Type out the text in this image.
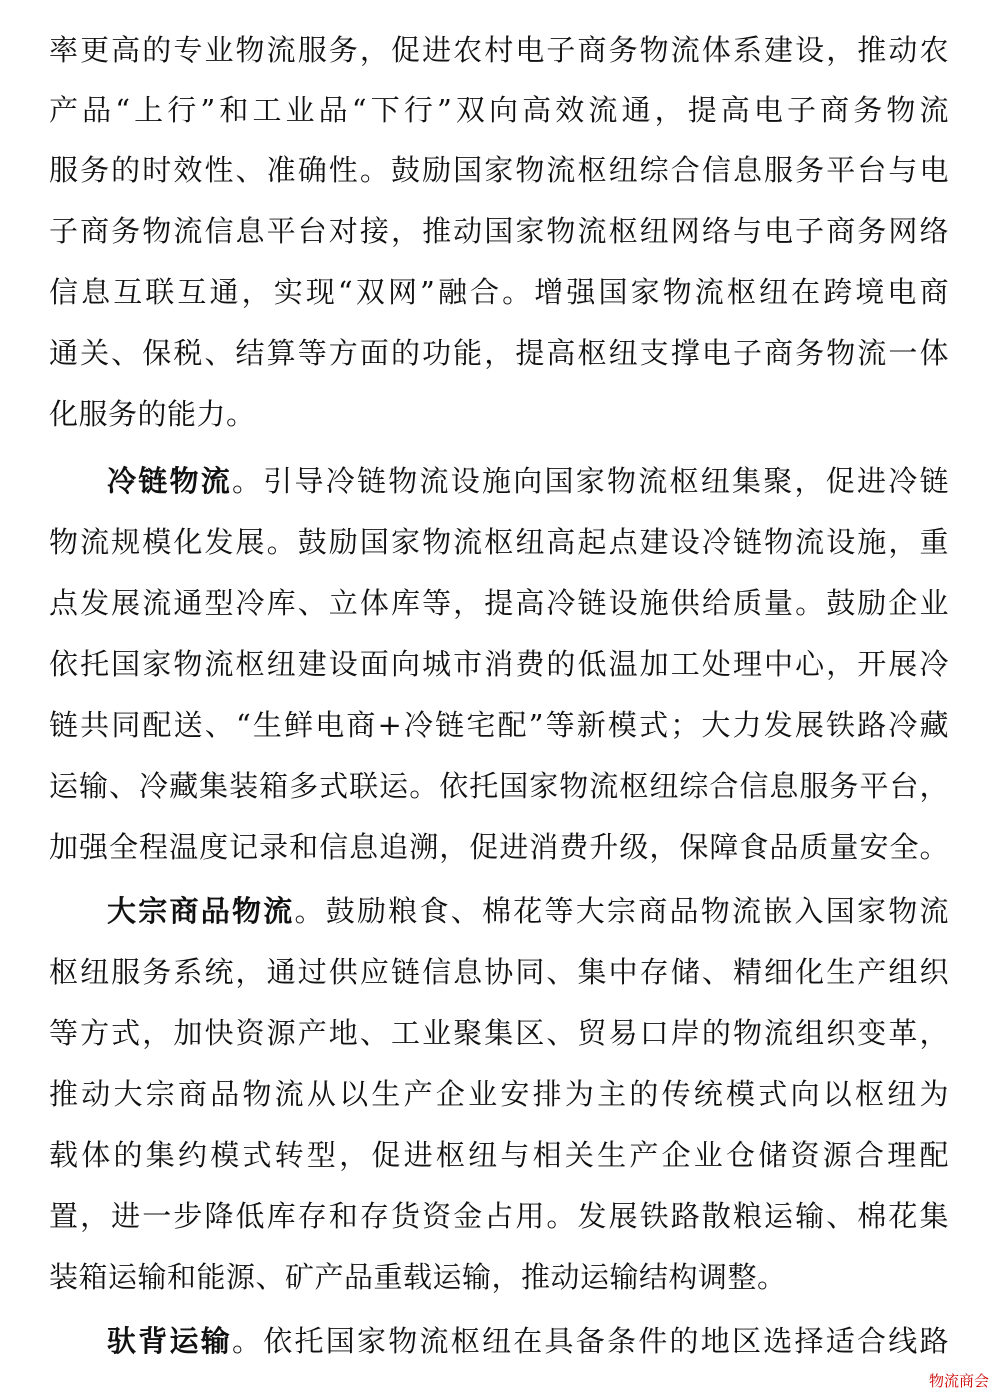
率更高的专业物流服务，促进农村电子商务物流体系建设，推动农
产品“上行”和工业品“下行”双向高效流通，提高电子商务物流
服务的时效性、准确性。鼓励国家物流枢纽综合信息服务平台与电
子商务物流信息平台对接，推动国家物流枢纽网络与电子商务网络
信息互联互通，实现“双网”融合。增强国家物流枢纽在跨境电商
通关、保税、结算等方面的功能，提高枢纽支撑电子商务物流一体
化服务的能力。
冷链物流。引导冷链物流设施向国家物流枢纽集聚，促进冷链
物流规模化发展。鼓励国家物流枢纽高起点建设冷链物流设施，重
点发展流通型冷库、立体库等，提高冷链设施供给质量。鼓励企业
依托国家物流枢纽建设面向城市消费的低温加工处理中心，开展冷
链共同配送、“生鲜电商+冷链宅配”等新模式；大力发展铁路冷藏
运输、冷藏集装箱多式联运。依托国家物流枢纽综合信息服务平台，
加强全程温度记录和信息追溯，促进消费升级，保障食品质量安全。
大宗商品物流。鼓励粮食、棉花等大宗商品物流嵌入国家物流
枢纽服务系统，通过供应链信息协同、集中存储、精细化生产组织
等方式，加快资源产地、工业聚集区、贸易口岸的物流组织变革，
推动大宗商品物流从以生产企业安排为主的传统模式向以枢纽为
载体的集约模式转型，促进枢纽与相关生产企业仓储资源合理配
置，进一步降低库存和存货资金占用。发展铁路散粮运输、棉花集
装箱运输和能源、矿产品重载运输，推动运输结构调整。
驮背运输。依托国家物流枢纽在具备条件的地区选择适合线路
物流商会
